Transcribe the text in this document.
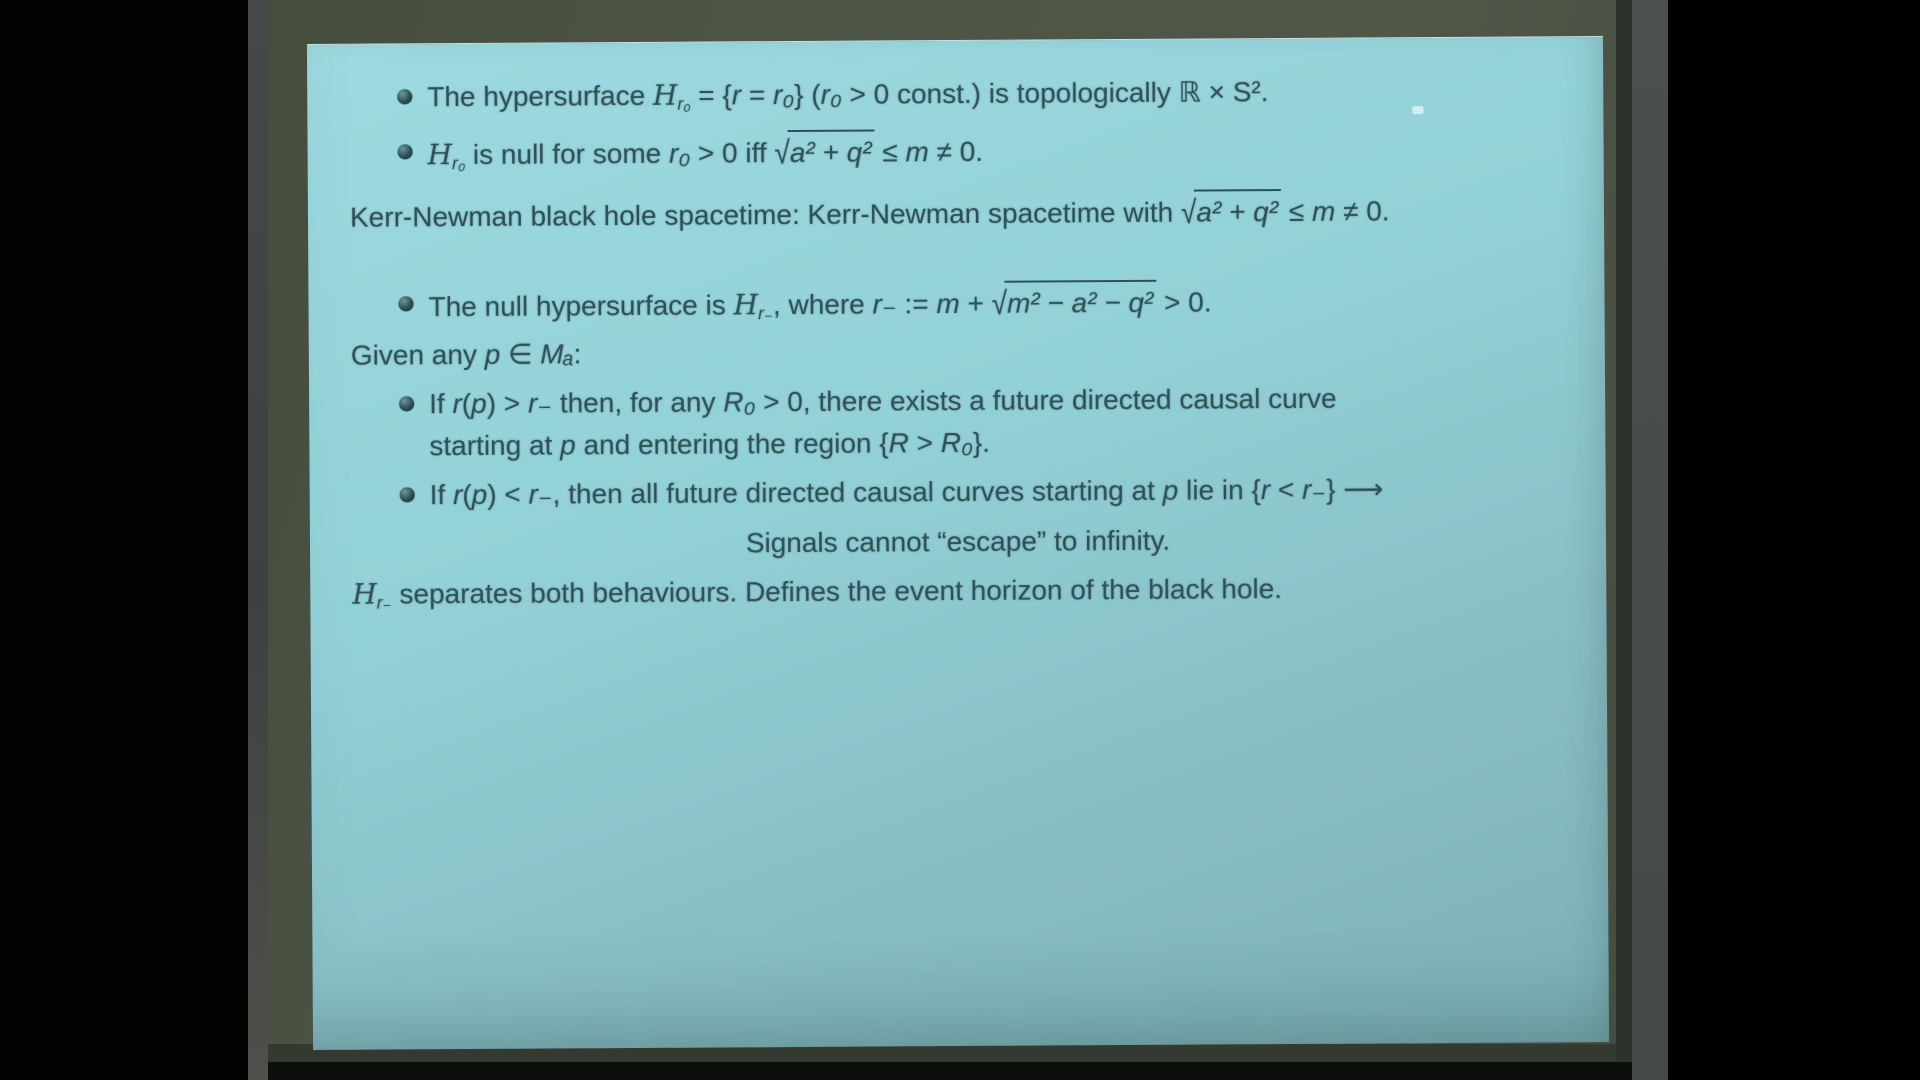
The hypersurface Hr₀ = {r = r₀} (r₀ > 0 const.) is topologically ℝ × S².
Hr₀ is null for some r₀ > 0 iff √a² + q² ≤ m ≠ 0.
Kerr-Newman black hole spacetime: Kerr-Newman spacetime with √a² + q² ≤ m ≠ 0.
The null hypersurface is Hr₋, where r₋ := m + √m² − a² − q² > 0.
Given any p ∈ Mₐ:
If r(p) > r₋ then, for any R₀ > 0, there exists a future directed causal curve
starting at p and entering the region {R > R₀}.
If r(p) < r₋, then all future directed causal curves starting at p lie in {r < r₋} ⟶
Signals cannot “escape” to infinity.
Hr₋ separates both behaviours. Defines the event horizon of the black hole.
